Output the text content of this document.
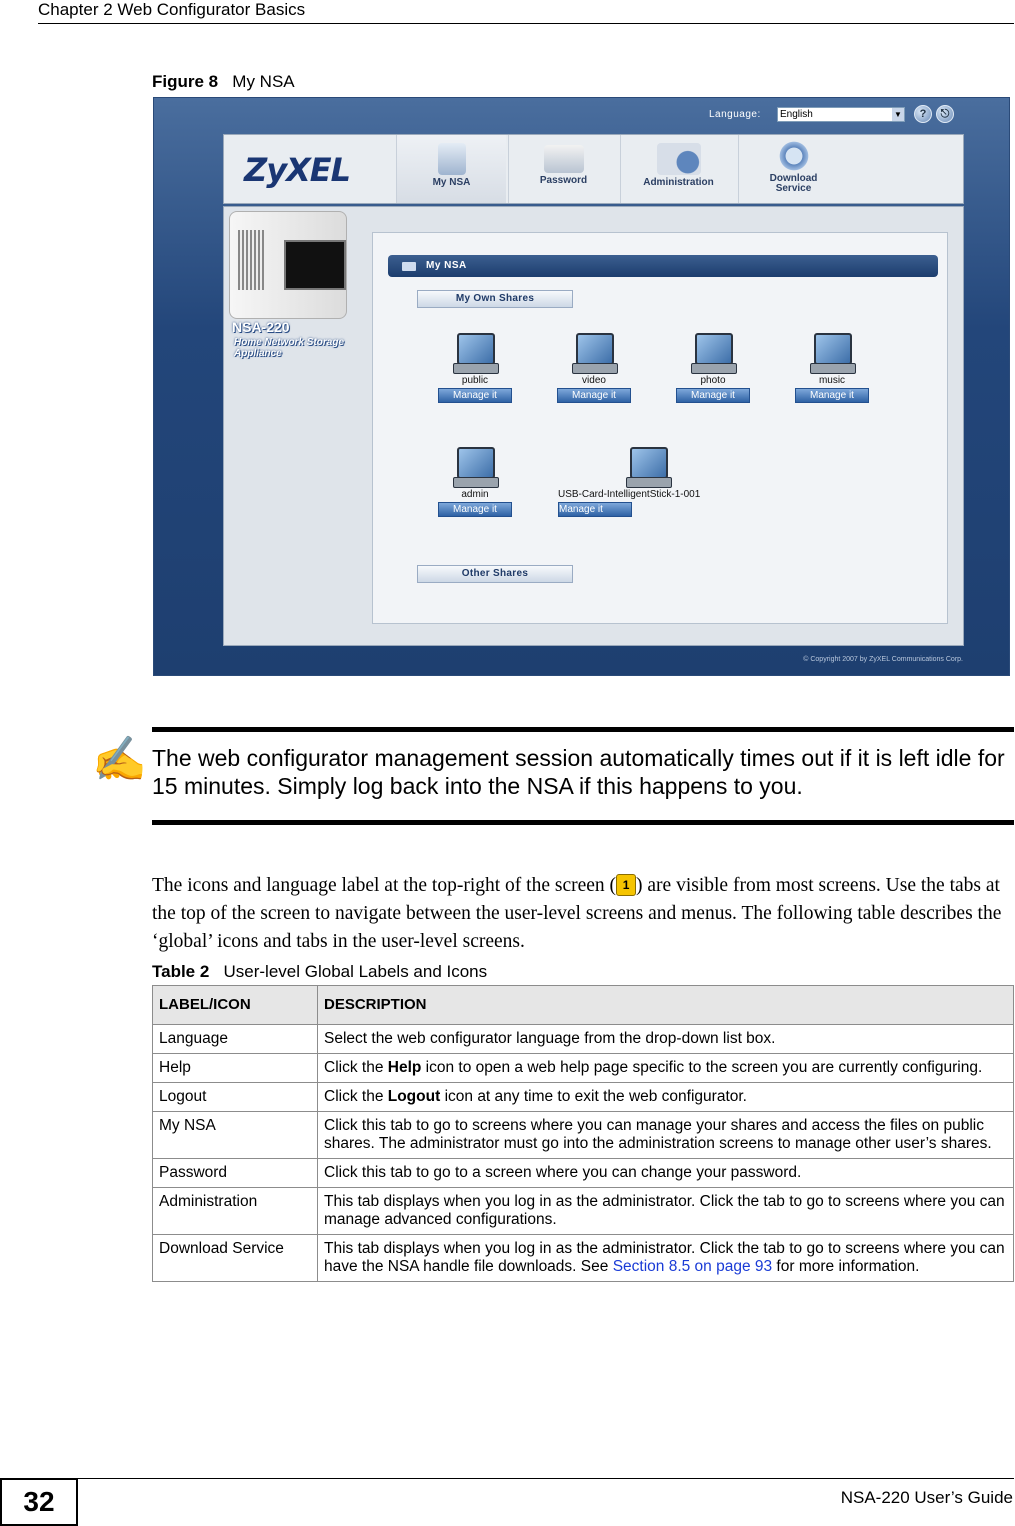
Chapter 2 Web Configurator Basics
Figure 8 My NSA
Language:	English	▼	?	⎋
ZyXEL	My NSA	Password	Administration	Download
Service
NSA-220
Home Network Storage Appliance
My NSA
My Own Shares
public
Manage it
video
Manage it
photo
Manage it
music
Manage it
admin
Manage it
USB-Card-IntelligentStick-1-001
Manage it
Other Shares
© Copyright 2007 by ZyXEL Communications Corp.
✍ The web configurator management session automatically times out if it is left idle for 15 minutes. Simply log back into the NSA if this happens to you.
The icons and language label at the top-right of the screen ( 1 ) are visible from most screens. Use the tabs at the top of the screen to navigate between the user-level screens and menus. The following table describes the ‘global’ icons and tabs in the user-level screens.
Table 2 User-level Global Labels and Icons
LABEL/ICON	DESCRIPTION
Language	Select the web configurator language from the drop-down list box.
Help	Click the Help icon to open a web help page specific to the screen you are currently configuring.
Logout	Click the Logout icon at any time to exit the web configurator.
My NSA	Click this tab to go to screens where you can manage your shares and access the files on public shares. The administrator must go into the administration screens to manage other user’s shares.
Password	Click this tab to go to a screen where you can change your password.
Administration	This tab displays when you log in as the administrator. Click the tab to go to screens where you can manage advanced configurations.
Download Service	This tab displays when you log in as the administrator. Click the tab to go to screens where you can have the NSA handle file downloads. See Section 8.5 on page 93 for more information.
32	NSA-220 User’s Guide
